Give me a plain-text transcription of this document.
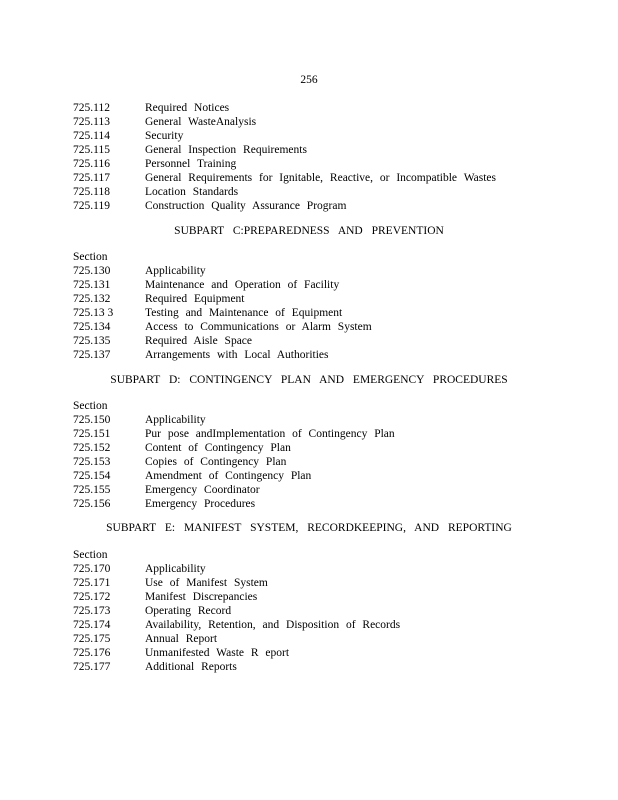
256
725.112	Required Notices
725.113	General WasteAnalysis
725.114	Security
725.115	General Inspection Requirements
725.116	Personnel Training
725.117	General Requirements for Ignitable, Reactive, or Incompatible Wastes
725.118	Location Standards
725.119	Construction Quality Assurance Program
SUBPART C:PREPAREDNESS AND PREVENTION
Section
725.130	Applicability
725.131	Maintenance and Operation of Facility
725.132	Required Equipment
725.13 3	Testing and Maintenance of Equipment
725.134	Access to Communications or Alarm System
725.135	Required Aisle Space
725.137	Arrangements with Local Authorities
SUBPART D: CONTINGENCY PLAN AND EMERGENCY PROCEDURES
Section
725.150	Applicability
725.151	Pur pose andImplementation of Contingency Plan
725.152	Content of Contingency Plan
725.153	Copies of Contingency Plan
725.154	Amendment of Contingency Plan
725.155	Emergency Coordinator
725.156	Emergency Procedures
SUBPART E: MANIFEST SYSTEM, RECORDKEEPING, AND REPORTING
Section
725.170	Applicability
725.171	Use of Manifest System
725.172	Manifest Discrepancies
725.173	Operating Record
725.174	Availability, Retention, and Disposition of Records
725.175	Annual Report
725.176	Unmanifested Waste R eport
725.177	Additional Reports
